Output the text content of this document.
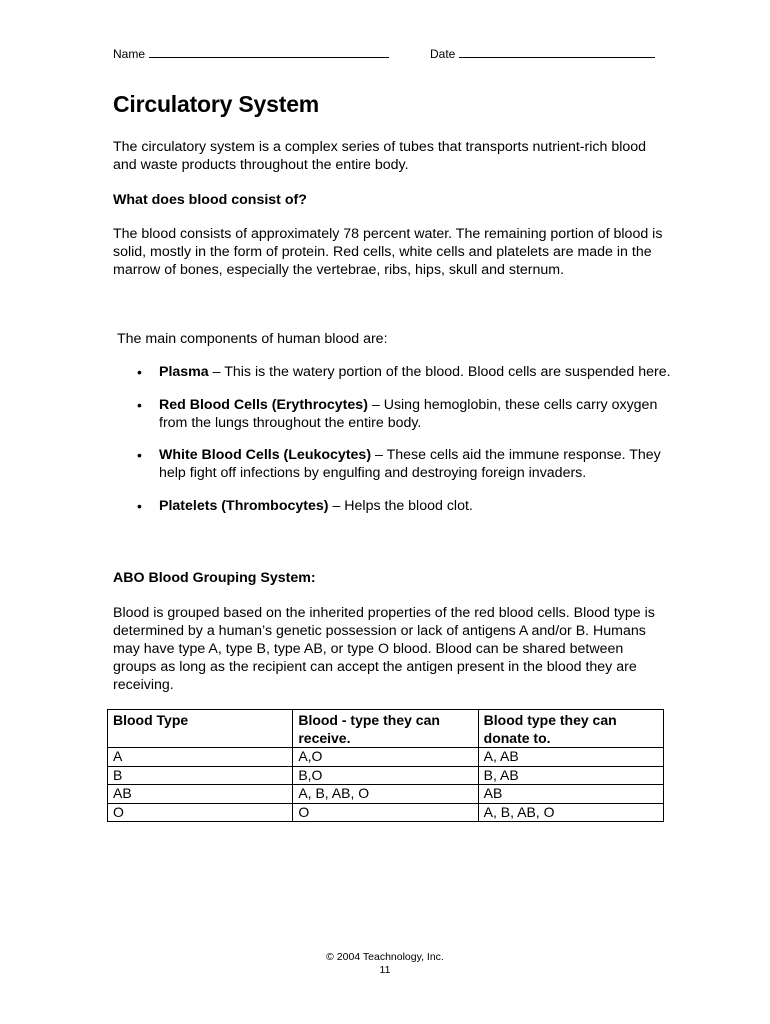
Name	Date
Circulatory System

The circulatory system is a complex series of tubes that transports nutrient-rich blood and waste products throughout the entire body.

What does blood consist of?

The blood consists of approximately 78 percent water. The remaining portion of blood is solid, mostly in the form of protein. Red cells, white cells and platelets are made in the marrow of bones, especially the vertebrae, ribs, hips, skull and sternum.

The main components of human blood are:

• Plasma – This is the watery portion of the blood. Blood cells are suspended here.
• Red Blood Cells (Erythrocytes) – Using hemoglobin, these cells carry oxygen from the lungs throughout the entire body.
• White Blood Cells (Leukocytes) – These cells aid the immune response. They help fight off infections by engulfing and destroying foreign invaders.
• Platelets (Thrombocytes) – Helps the blood clot.

ABO Blood Grouping System:

Blood is grouped based on the inherited properties of the red blood cells. Blood type is determined by a human’s genetic possession or lack of antigens A and/or B. Humans may have type A, type B, type AB, or type O blood. Blood can be shared between groups as long as the recipient can accept the antigen present in the blood they are receiving.

Blood Type	Blood - type they can receive.	Blood type they can donate to.
A	A,O	A, AB
B	B,O	B, AB
AB	A, B, AB, O	AB
O	O	A, B, AB, O
© 2004 Teachnology, Inc.
11
